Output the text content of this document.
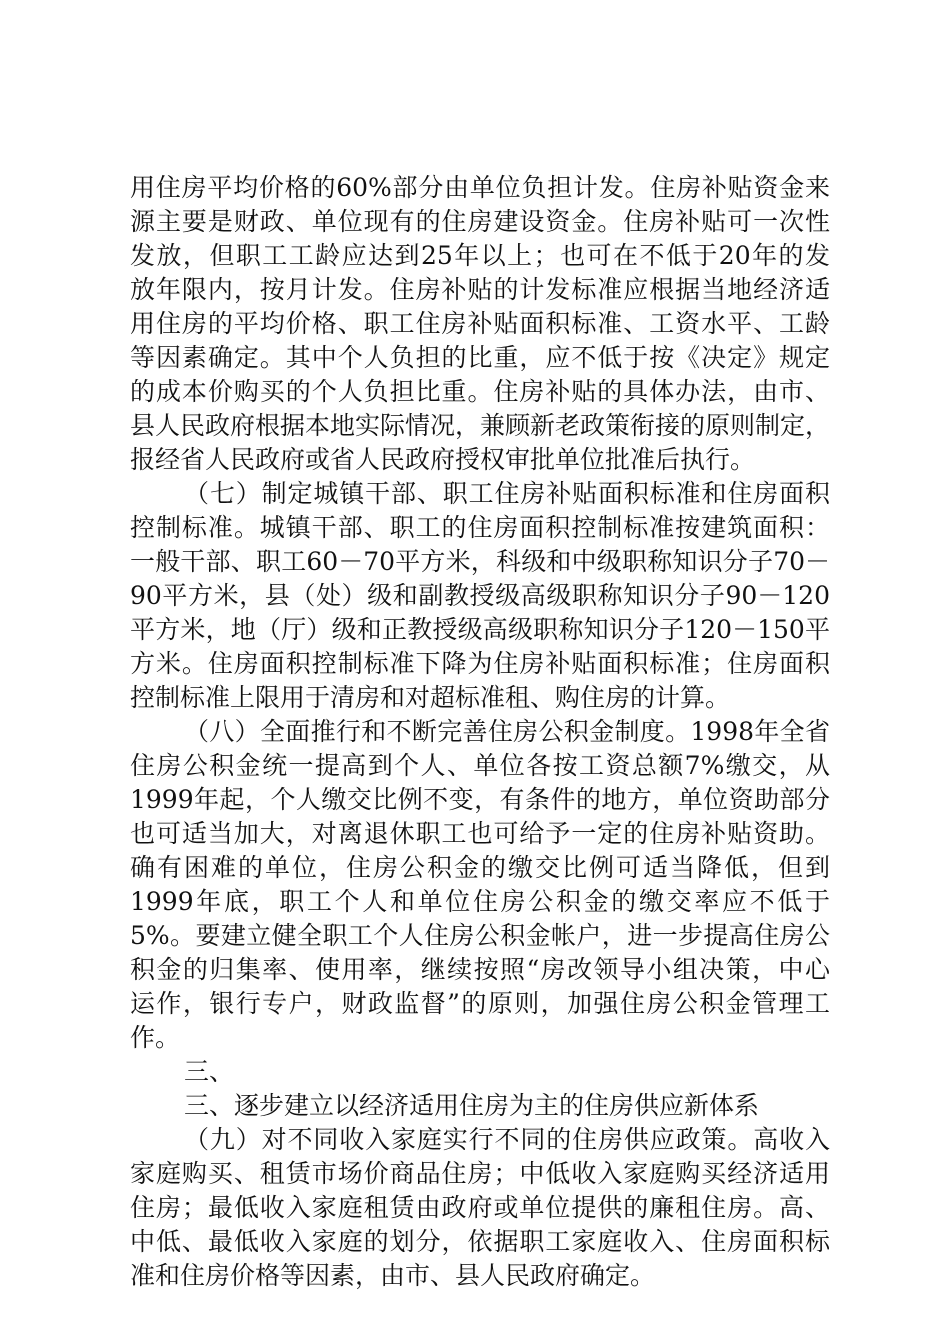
用住房平均价格的60%部分由单位负担计发。住房补贴资金来
源主要是财政、单位现有的住房建设资金。住房补贴可一次性
发放，但职工工龄应达到25年以上；也可在不低于20年的发
放年限内，按月计发。住房补贴的计发标准应根据当地经济适
用住房的平均价格、职工住房补贴面积标准、工资水平、工龄
等因素确定。其中个人负担的比重，应不低于按《决定》规定
的成本价购买的个人负担比重。住房补贴的具体办法，由市、
县人民政府根据本地实际情况，兼顾新老政策衔接的原则制定，
报经省人民政府或省人民政府授权审批单位批准后执行。
（七）制定城镇干部、职工住房补贴面积标准和住房面积
控制标准。城镇干部、职工的住房面积控制标准按建筑面积：
一般干部、职工60－70平方米，科级和中级职称知识分子70－
90平方米，县（处）级和副教授级高级职称知识分子90－120
平方米，地（厅）级和正教授级高级职称知识分子120－150平
方米。住房面积控制标准下降为住房补贴面积标准；住房面积
控制标准上限用于清房和对超标准租、购住房的计算。
（八）全面推行和不断完善住房公积金制度。1998年全省
住房公积金统一提高到个人、单位各按工资总额7%缴交，从
1999年起，个人缴交比例不变，有条件的地方，单位资助部分
也可适当加大，对离退休职工也可给予一定的住房补贴资助。
确有困难的单位，住房公积金的缴交比例可适当降低，但到
1999年底，职工个人和单位住房公积金的缴交率应不低于
5%。要建立健全职工个人住房公积金帐户，进一步提高住房公
积金的归集率、使用率，继续按照“房改领导小组决策，中心
运作，银行专户，财政监督”的原则，加强住房公积金管理工
作。
三、
三、逐步建立以经济适用住房为主的住房供应新体系
（九）对不同收入家庭实行不同的住房供应政策。高收入
家庭购买、租赁市场价商品住房；中低收入家庭购买经济适用
住房；最低收入家庭租赁由政府或单位提供的廉租住房。高、
中低、最低收入家庭的划分，依据职工家庭收入、住房面积标
准和住房价格等因素，由市、县人民政府确定。
